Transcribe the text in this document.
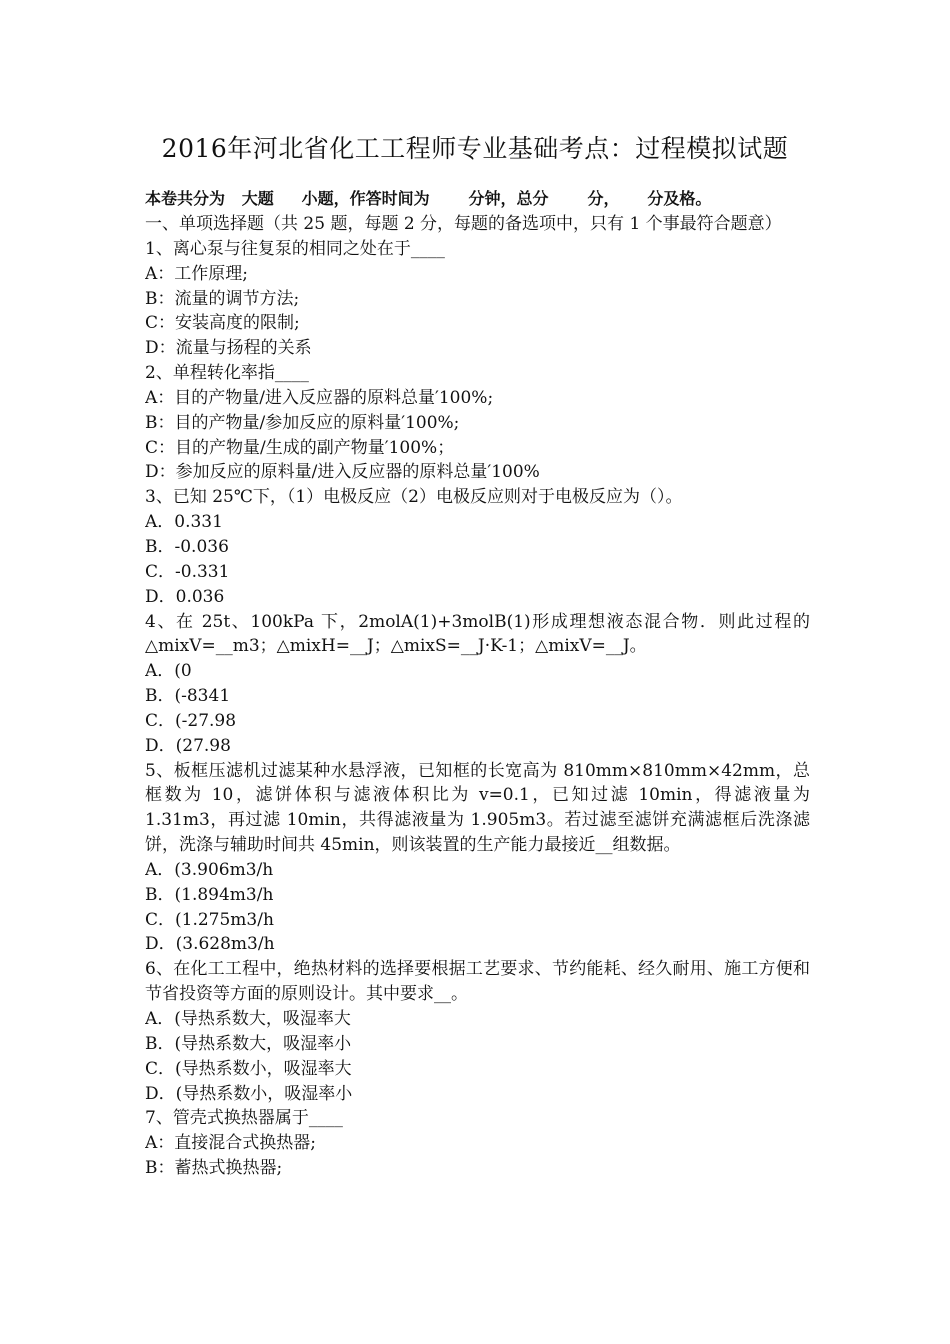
2016年河北省化工工程师专业基础考点：过程模拟试题
本卷共分为   大题     小题，作答时间为       分钟，总分       分，     分及格。
一、单项选择题（共 25 题，每题 2 分，每题的备选项中，只有 1 个事最符合题意）
1、离心泵与往复泵的相同之处在于____
A：工作原理;
B：流量的调节方法;
C：安装高度的限制;
D：流量与扬程的关系
2、单程转化率指____
A：目的产物量/进入反应器的原料总量′100%;
B：目的产物量/参加反应的原料量′100%;
C：目的产物量/生成的副产物量′100%；
D：参加反应的原料量/进入反应器的原料总量′100%
3、已知 25℃下，（1）电极反应（2）电极反应则对于电极反应为（）。
A．0.331
B．-0.036
C．-0.331
D．0.036
4、在 25t、100kPa 下，2molA(1)+3molB(1)形成理想液态混合物．则此过程的△mixV=__m3；△mixH=__J；△mixS=__J·K-1；△mixV=__J。
A．(0
B．(-8341
C．(-27.98
D．(27.98
5、板框压滤机过滤某种水悬浮液，已知框的长宽高为 810mm×810mm×42mm，总框数为 10，滤饼体积与滤液体积比为 v=0.1，已知过滤 10min，得滤液量为 1.31m3，再过滤 10min，共得滤液量为 1.905m3。若过滤至滤饼充满滤框后洗涤滤饼，洗涤与辅助时间共 45min，则该装置的生产能力最接近__组数据。
A．(3.906m3/h
B．(1.894m3/h
C．(1.275m3/h
D．(3.628m3/h
6、在化工工程中，绝热材料的选择要根据工艺要求、节约能耗、经久耐用、施工方便和节省投资等方面的原则设计。其中要求__。
A．(导热系数大，吸湿率大
B．(导热系数大，吸湿率小
C．(导热系数小，吸湿率大
D．(导热系数小，吸湿率小
7、管壳式换热器属于____
A：直接混合式换热器;
B：蓄热式换热器;
